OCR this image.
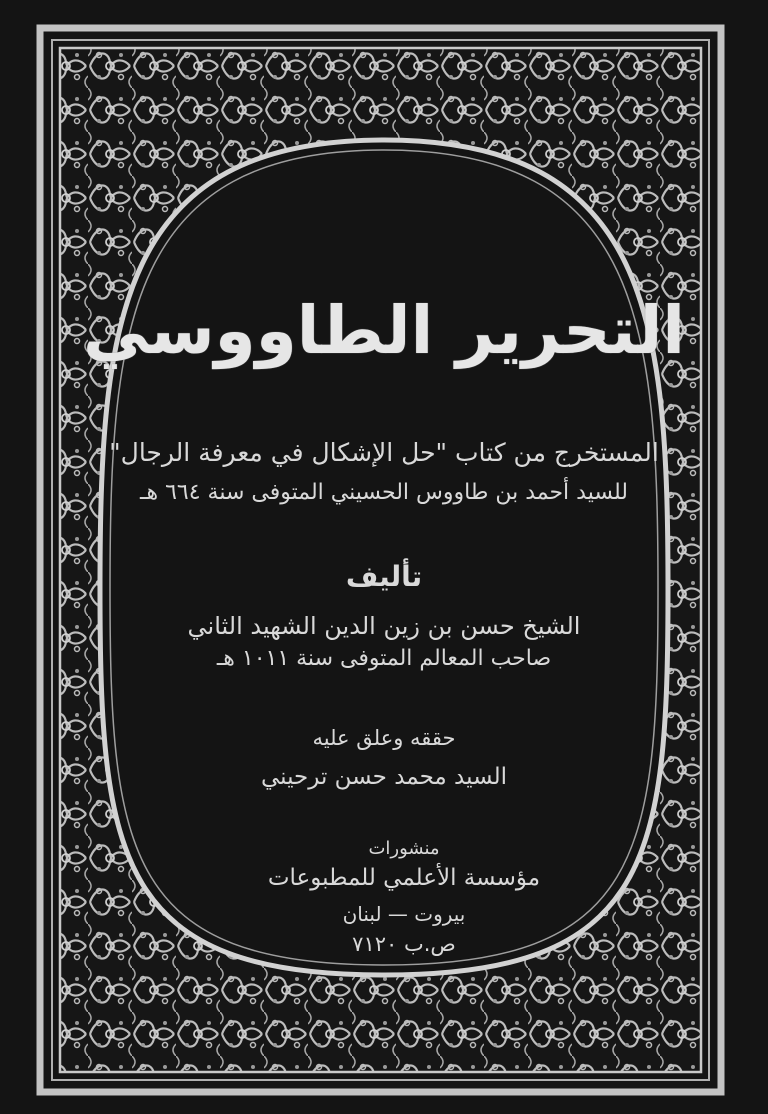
التحرير الطاووسي
المستخرج من كتاب "حل الإشكال في معرفة الرجال"
للسيد أحمد بن طاووس الحسيني المتوفى سنة ٦٦٤ هـ
تأليف
الشيخ حسن بن زين الدين الشهيد الثاني
صاحب المعالم المتوفى سنة ١٠١١ هـ
حققه وعلق عليه
السيد محمد حسن ترحيني
منشورات
مؤسسة الأعلمي للمطبوعات
بيروت — لبنان
ص.ب ٧١٢٠
